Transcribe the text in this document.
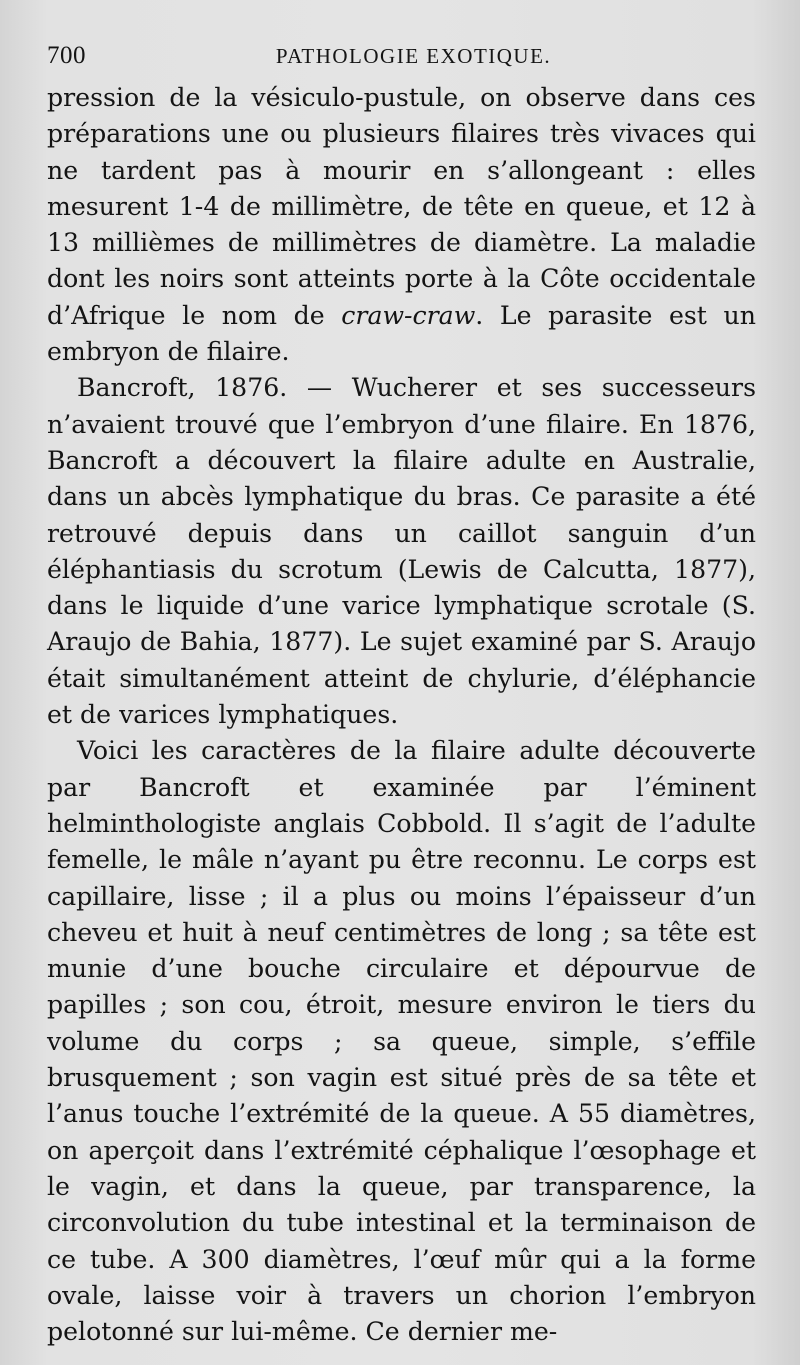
700	PATHOLOGIE EXOTIQUE.

pression de la vésiculo-pustule, on observe dans ces préparations une ou plusieurs filaires très vivaces qui ne tardent pas à mourir en s’allongeant : elles mesurent 1-4 de millimètre, de tête en queue, et 12 à 13 millièmes de millimètres de diamètre. La maladie dont les noirs sont atteints porte à la Côte occidentale d’Afrique le nom de craw-craw. Le parasite est un embryon de filaire.

Bancroft, 1876. — Wucherer et ses successeurs n’avaient trouvé que l’embryon d’une filaire. En 1876, Bancroft a découvert la filaire adulte en Australie, dans un abcès lymphatique du bras. Ce parasite a été retrouvé depuis dans un caillot sanguin d’un éléphantiasis du scrotum (Lewis de Calcutta, 1877), dans le liquide d’une varice lymphatique scrotale (S. Araujo de Bahia, 1877). Le sujet examiné par S. Araujo était simultanément atteint de chylurie, d’éléphancie et de varices lymphatiques.

Voici les caractères de la filaire adulte découverte par Bancroft et examinée par l’éminent helminthologiste anglais Cobbold. Il s’agit de l’adulte femelle, le mâle n’ayant pu être reconnu. Le corps est capillaire, lisse ; il a plus ou moins l’épaisseur d’un cheveu et huit à neuf centimètres de long ; sa tête est munie d’une bouche circulaire et dépourvue de papilles ; son cou, étroit, mesure environ le tiers du volume du corps ; sa queue, simple, s’effile brusquement ; son vagin est situé près de sa tête et l’anus touche l’extrémité de la queue. A 55 diamètres, on aperçoit dans l’extrémité céphalique l’œsophage et le vagin, et dans la queue, par transparence, la circonvolution du tube intestinal et la terminaison de ce tube. A 300 diamètres, l’œuf mûr qui a la forme ovale, laisse voir à travers un chorion l’embryon pelotonné sur lui-même. Ce dernier me-
